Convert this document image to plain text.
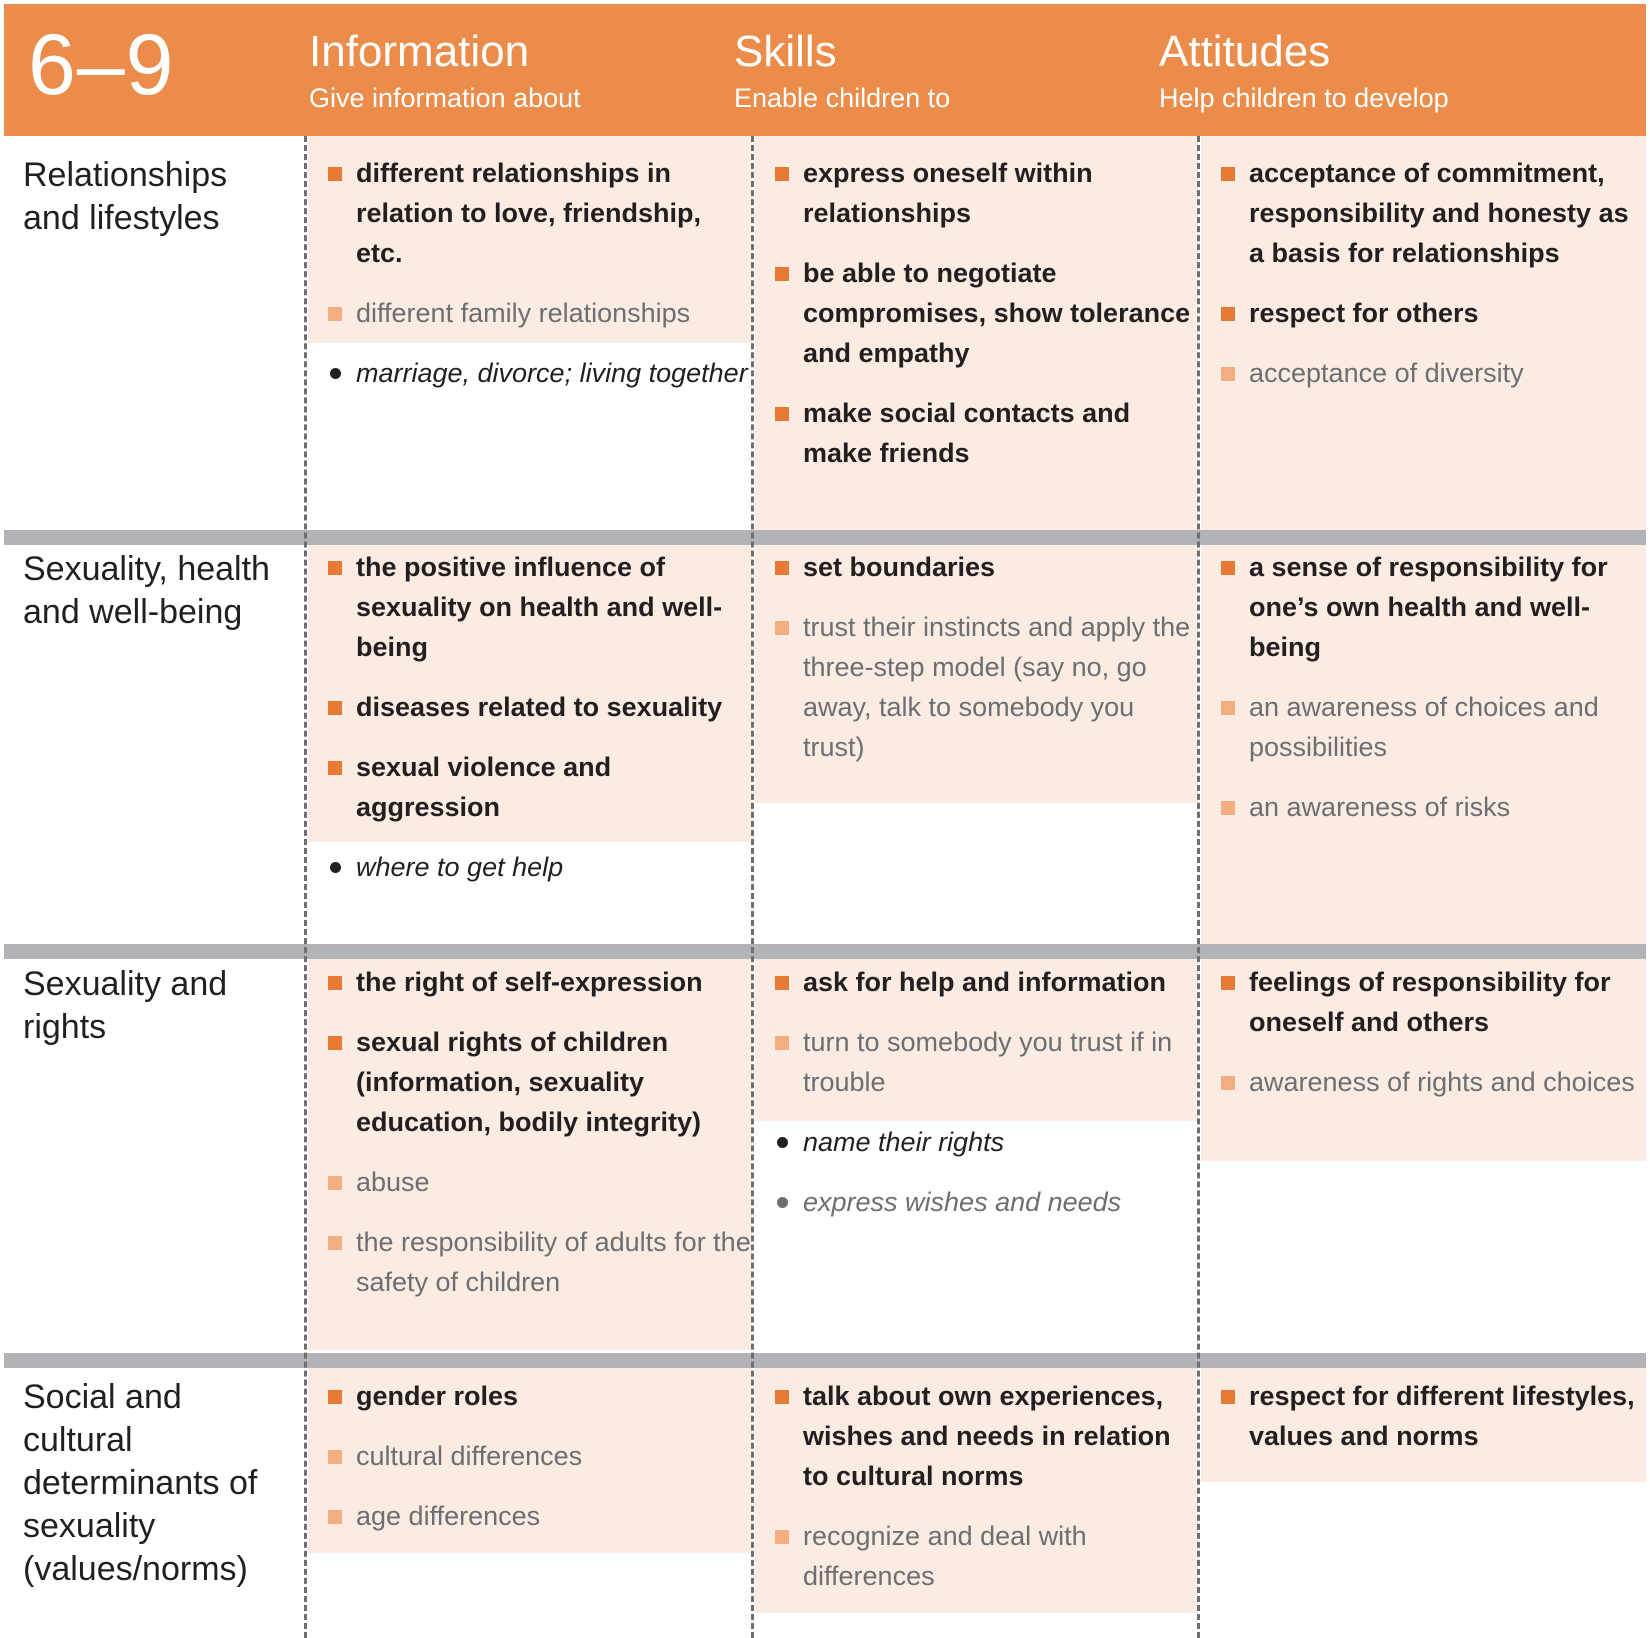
6–9	Information
Give information about
Skills
Enable children to
Attitudes
Help children to develop
Relationships and lifestyles
Sexuality, health and well-being
Sexuality and rights
Social and cultural determinants of sexuality (values/norms)
different relationships in relation to love, friendship, etc.
different family relationships
marriage, divorce; living together
express oneself within relationships
be able to negotiate compromises, show tolerance and empathy
make social contacts and make friends
acceptance of commitment, responsibility and honesty as a basis for relationships
respect for others
acceptance of diversity
the positive influence of sexuality on health and well-being
diseases related to sexuality
sexual violence and aggression
where to get help
set boundaries
trust their instincts and apply the three-step model (say no, go away, talk to somebody you trust)
a sense of responsibility for one’s own health and well-being
an awareness of choices and possibilities
an awareness of risks
the right of self-expression
sexual rights of children (information, sexuality education, bodily integrity)
abuse
the responsibility of adults for the safety of children
ask for help and information
turn to somebody you trust if in trouble
name their rights
express wishes and needs
feelings of responsibility for oneself and others
awareness of rights and choices
gender roles
cultural differences
age differences
talk about own experiences, wishes and needs in relation to cultural norms
recognize and deal with differences
respect for different lifestyles, values and norms
